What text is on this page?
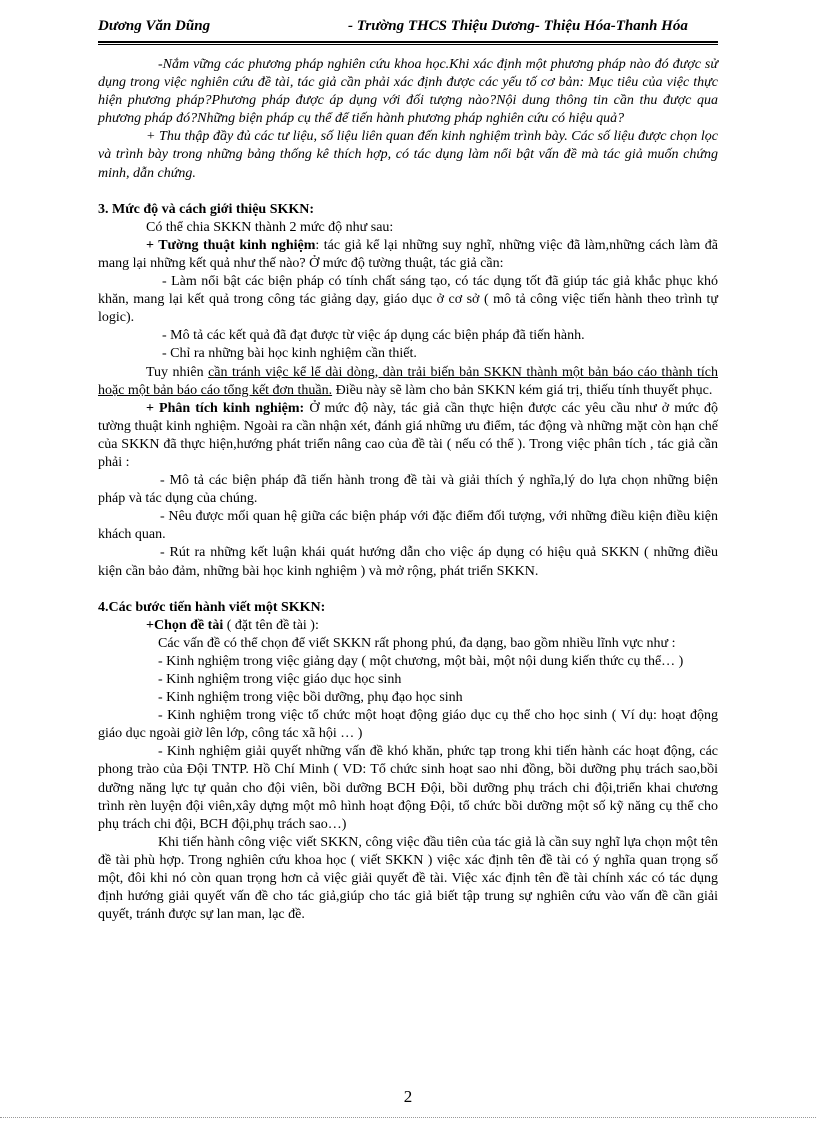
Dương Văn Dũng	- Trường THCS Thiệu Dương- Thiệu Hóa-Thanh Hóa

-Nắm vững các phương pháp nghiên cứu khoa học.Khi xác định một phương pháp nào đó được sử dụng trong việc nghiên cứu đề tài, tác giả cần phải xác định được các yếu tố cơ bản: Mục tiêu của việc thực hiện phương pháp?Phương pháp được áp dụng với đối tượng nào?Nội dung thông tin cần thu được qua phương pháp đó?Những biện pháp cụ thể để tiến hành phương pháp nghiên cứu có hiệu quả?

+ Thu thập đầy đủ các tư liệu, số liệu liên quan đến kinh nghiệm trình bày. Các số liệu được chọn lọc và trình bày trong những bảng thống kê thích hợp, có tác dụng làm nổi bật vấn đề mà tác giả muốn chứng minh, dẫn chứng.

3. Mức độ và cách giới thiệu SKKN:

Có thể chia SKKN thành 2 mức độ như sau:

+ Tường thuật kinh nghiệm: tác giả kể lại những suy nghĩ, những việc đã làm,những cách làm đã mang lại những kết quả như thế nào? Ở mức độ tường thuật, tác giả cần:

- Làm nổi bật các biện pháp có tính chất sáng tạo, có tác dụng tốt đã giúp tác giả khắc phục khó khăn, mang lại kết quả trong công tác giảng dạy, giáo dục ở cơ sở ( mô tả công việc tiến hành theo trình tự logic).

- Mô tả các kết quả đã đạt được từ việc áp dụng các biện pháp đã tiến hành.

- Chỉ ra những bài học kinh nghiệm cần thiết.

Tuy nhiên cần tránh việc kể lể dài dòng, dàn trải biến bản SKKN thành một bản báo cáo thành tích hoặc một bản báo cáo tổng kết đơn thuần. Điều này sẽ làm cho bản SKKN kém giá trị, thiếu tính thuyết phục.

+ Phân tích kinh nghiệm: Ở mức độ này, tác giả cần thực hiện được các yêu cầu như ở mức độ tường thuật kinh nghiệm. Ngoài ra cần nhận xét, đánh giá những ưu điểm, tác động và những mặt còn hạn chế của SKKN đã thực hiện,hướng phát triển nâng cao của đề tài ( nếu có thể ). Trong việc phân tích , tác giả cần phải :

- Mô tả các biện pháp đã tiến hành trong đề tài và giải thích ý nghĩa,lý do lựa chọn những biện pháp và tác dụng của chúng.

- Nêu được mối quan hệ giữa các biện pháp với đặc điểm đối tượng, với những điều kiện điều kiện khách quan.

- Rút ra những kết luận khái quát hướng dẫn cho việc áp dụng có hiệu quả SKKN ( những điều kiện cần bảo đảm, những bài học kinh nghiệm ) và mở rộng, phát triển SKKN.

4.Các bước tiến hành viết một SKKN:

+Chọn đề tài ( đặt tên đề tài ):

Các vấn đề có thể chọn để viết SKKN rất phong phú, đa dạng, bao gồm nhiều lĩnh vực như :

- Kinh nghiệm trong việc giảng dạy ( một chương, một bài, một nội dung kiến thức cụ thể… )

- Kinh nghiệm trong việc giáo dục học sinh

- Kinh nghiệm trong việc bồi dưỡng, phụ đạo học sinh

- Kinh nghiệm trong việc tổ chức một hoạt động giáo dục cụ thể cho học sinh ( Ví dụ: hoạt động giáo dục ngoài giờ lên lớp, công tác xã hội … )

- Kinh nghiệm giải quyết những vấn đề khó khăn, phức tạp trong khi tiến hành các hoạt động, các phong trào của Đội TNTP. Hồ Chí Minh ( VD: Tổ chức sinh hoạt sao nhi đồng, bồi dưỡng phụ trách sao,bồi dưỡng năng lực tự quản cho đội viên, bồi dưỡng BCH Đội, bồi dưỡng phụ trách chi đội,triển khai chương trình rèn luyện đội viên,xây dựng một mô hình hoạt động Đội, tổ chức bồi dưỡng một số kỹ năng cụ thể cho phụ trách chi đội, BCH đội,phụ trách sao…)

Khi tiến hành công việc viết SKKN, công việc đầu tiên của tác giả là cần suy nghĩ lựa chọn một tên đề tài phù hợp. Trong nghiên cứu khoa học ( viết SKKN ) việc xác định tên đề tài có ý nghĩa quan trọng số một, đôi khi nó còn quan trọng hơn cả việc giải quyết đề tài. Việc xác định tên đề tài chính xác có tác dụng định hướng giải quyết vấn đề cho tác giả,giúp cho tác giả biết tập trung sự nghiên cứu vào vấn đề cần giải quyết, tránh được sự lan man, lạc đề.

2
